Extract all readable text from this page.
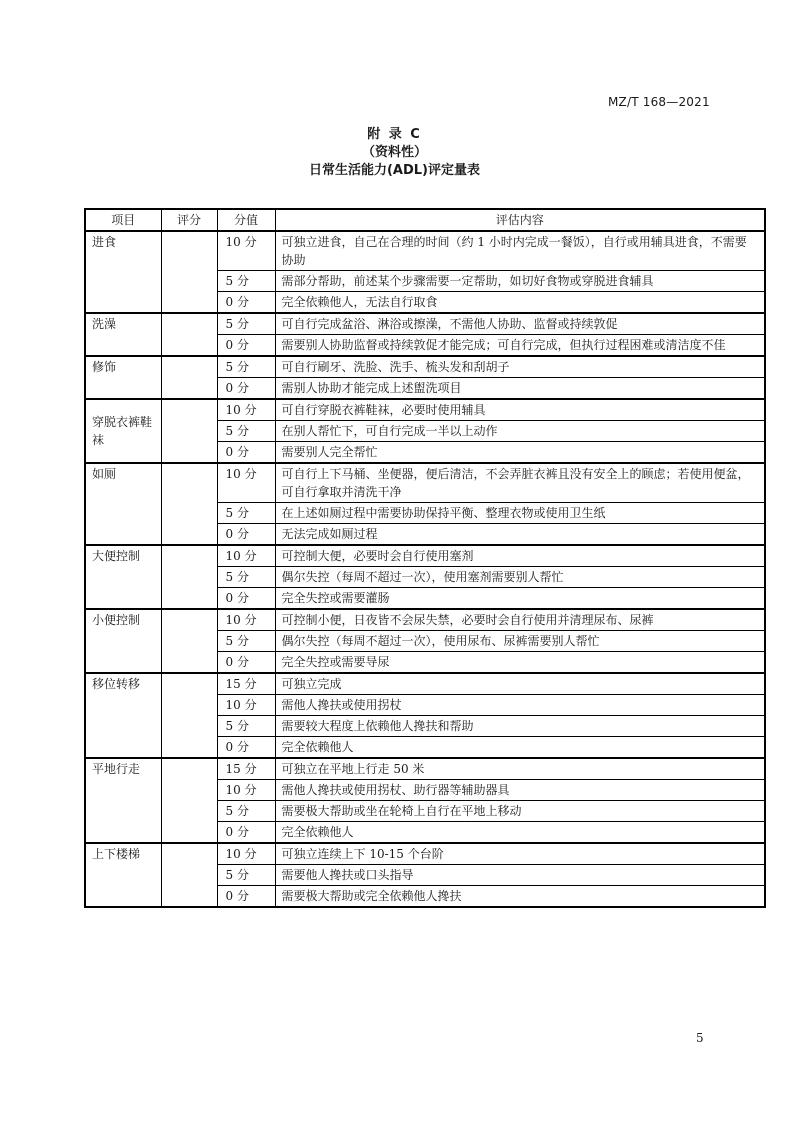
MZ/T 168—2021
附 录 C
（资料性）
日常生活能力(ADL)评定量表
项目	评分	分值	评估内容
进食		10 分	可独立进食，自己在合理的时间（约 1 小时内完成一餐饭），自行或用辅具进食，不需要协助
		5 分	需部分帮助，前述某个步骤需要一定帮助，如切好食物或穿脱进食辅具
		0 分	完全依赖他人，无法自行取食
洗澡		5 分	可自行完成盆浴、淋浴或擦澡，不需他人协助、监督或持续敦促
		0 分	需要别人协助监督或持续敦促才能完成；可自行完成，但执行过程困难或清洁度不佳
修饰		5 分	可自行刷牙、洗脸、洗手、梳头发和刮胡子
		0 分	需别人协助才能完成上述盥洗项目
穿脱衣裤鞋袜		10 分	可自行穿脱衣裤鞋袜，必要时使用辅具
		5 分	在别人帮忙下，可自行完成一半以上动作
		0 分	需要别人完全帮忙
如厕		10 分	可自行上下马桶、坐便器，便后清洁，不会弄脏衣裤且没有安全上的顾虑；若使用便盆，可自行拿取并清洗干净
		5 分	在上述如厕过程中需要协助保持平衡、整理衣物或使用卫生纸
		0 分	无法完成如厕过程
大便控制		10 分	可控制大便，必要时会自行使用塞剂
		5 分	偶尔失控（每周不超过一次），使用塞剂需要别人帮忙
		0 分	完全失控或需要灌肠
小便控制		10 分	可控制小便，日夜皆不会尿失禁，必要时会自行使用并清理尿布、尿裤
		5 分	偶尔失控（每周不超过一次），使用尿布、尿裤需要别人帮忙
		0 分	完全失控或需要导尿
移位转移		15 分	可独立完成
		10 分	需他人搀扶或使用拐杖
		5 分	需要较大程度上依赖他人搀扶和帮助
		0 分	完全依赖他人
平地行走		15 分	可独立在平地上行走 50 米
		10 分	需他人搀扶或使用拐杖、助行器等辅助器具
		5 分	需要极大帮助或坐在轮椅上自行在平地上移动
		0 分	完全依赖他人
上下楼梯		10 分	可独立连续上下 10-15 个台阶
		5 分	需要他人搀扶或口头指导
		0 分	需要极大帮助或完全依赖他人搀扶
5
